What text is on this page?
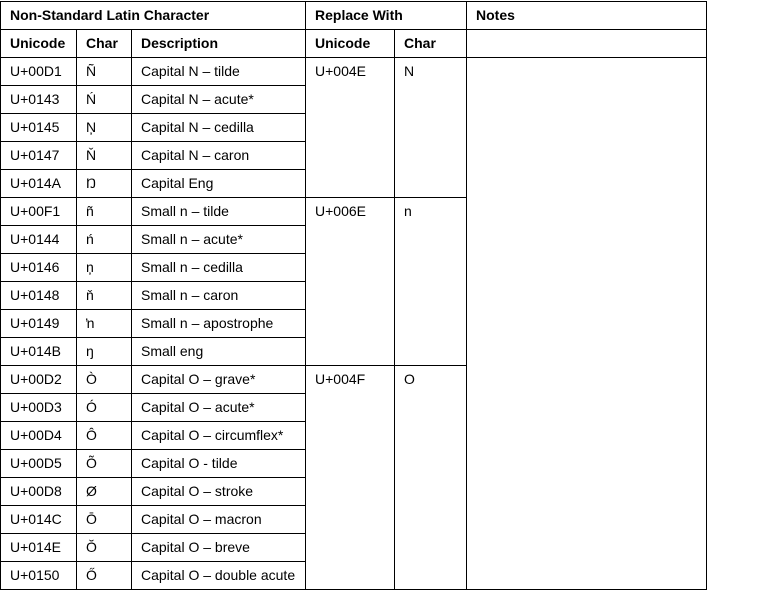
Non-Standard Latin Character			Replace With		Notes
Unicode	Char	Description	Unicode	Char	
U+00D1	Ñ	Capital N – tilde	U+004E	N	
U+0143	Ń	Capital N – acute*			
U+0145	Ņ	Capital N – cedilla			
U+0147	Ň	Capital N – caron			
U+014A	Ŋ	Capital Eng			
U+00F1	ñ	Small n – tilde	U+006E	n	
U+0144	ń	Small n – acute*			
U+0146	ņ	Small n – cedilla			
U+0148	ň	Small n – caron			
U+0149	ŉ	Small n – apostrophe			
U+014B	ŋ	Small eng			
U+00D2	Ò	Capital O – grave*	U+004F	O	
U+00D3	Ó	Capital O – acute*			
U+00D4	Ô	Capital O – circumflex*			
U+00D5	Õ	Capital O - tilde			
U+00D8	Ø	Capital O – stroke			
U+014C	Ō	Capital O – macron			
U+014E	Ŏ	Capital O – breve			
U+0150	Ő	Capital O – double acute			
